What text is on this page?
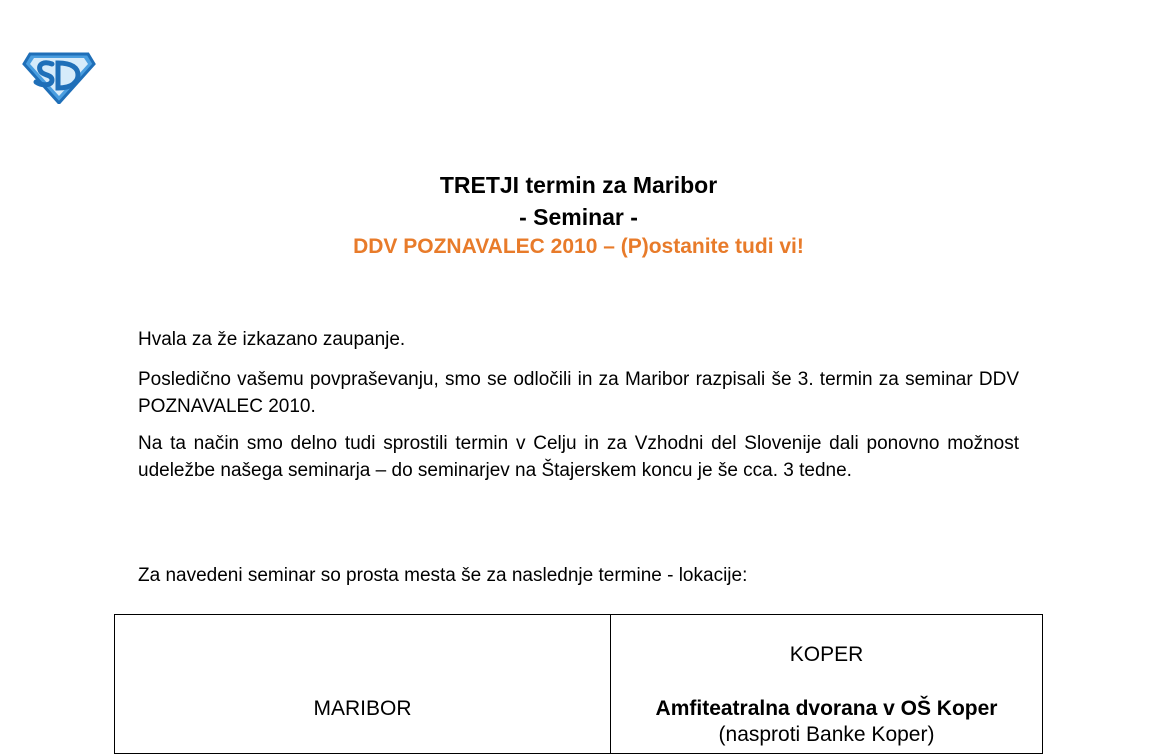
TRETJI termin za Maribor
- Seminar -
DDV POZNAVALEC 2010 – (P)ostanite tudi vi!

Hvala za že izkazano zaupanje.

Posledično vašemu povpraševanju, smo se odločili in za Maribor razpisali še 3. termin za seminar DDV POZNAVALEC 2010.

Na ta način smo delno tudi sprostili termin v Celju in za Vzhodni del Slovenije dali ponovno možnost udeležbe našega seminarja – do seminarjev na Štajerskem koncu je še cca. 3 tedne.

Za navedeni seminar so prosta mesta še za naslednje termine - lokacije:

MARIBOR
KOPER
Amfiteatralna dvorana v OŠ Koper
(nasproti Banke Koper)
